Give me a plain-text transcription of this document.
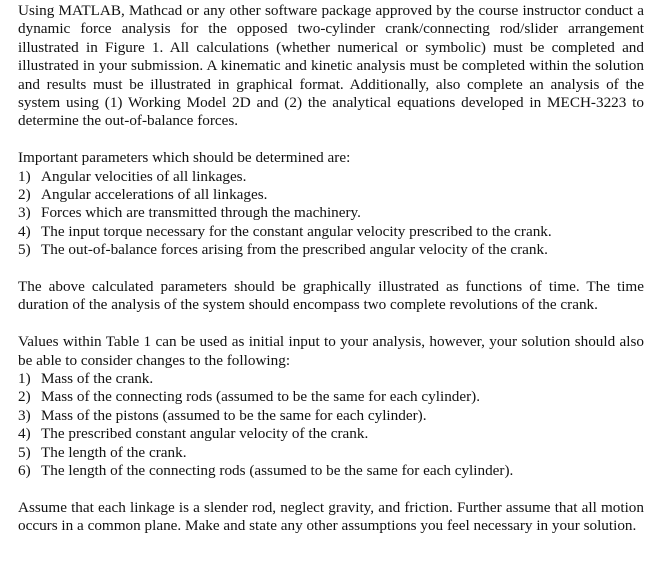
Using MATLAB, Mathcad or any other software package approved by the course instructor conduct a dynamic force analysis for the opposed two-cylinder crank/connecting rod/slider arrangement illustrated in Figure 1. All calculations (whether numerical or symbolic) must be completed and illustrated in your submission. A kinematic and kinetic analysis must be completed within the solution and results must be illustrated in graphical format. Additionally, also complete an analysis of the system using (1) Working Model 2D and (2) the analytical equations developed in MECH-3223 to determine the out-of-balance forces.

Important parameters which should be determined are:

1) Angular velocities of all linkages.
2) Angular accelerations of all linkages.
3) Forces which are transmitted through the machinery.
4) The input torque necessary for the constant angular velocity prescribed to the crank.
5) The out-of-balance forces arising from the prescribed angular velocity of the crank.

The above calculated parameters should be graphically illustrated as functions of time. The time duration of the analysis of the system should encompass two complete revolutions of the crank.

Values within Table 1 can be used as initial input to your analysis, however, your solution should also be able to consider changes to the following:

1) Mass of the crank.
2) Mass of the connecting rods (assumed to be the same for each cylinder).
3) Mass of the pistons (assumed to be the same for each cylinder).
4) The prescribed constant angular velocity of the crank.
5) The length of the crank.
6) The length of the connecting rods (assumed to be the same for each cylinder).

Assume that each linkage is a slender rod, neglect gravity, and friction. Further assume that all motion occurs in a common plane. Make and state any other assumptions you feel necessary in your solution.
